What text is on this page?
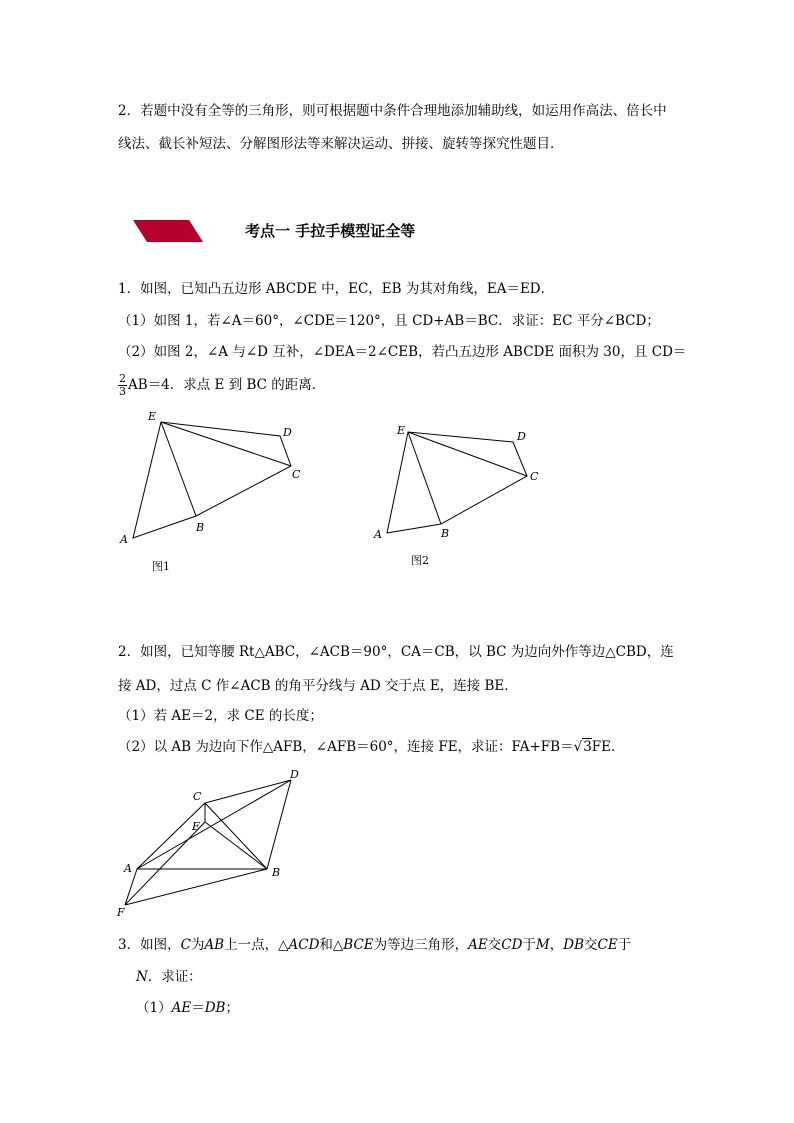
2．若题中没有全等的三角形，则可根据题中条件合理地添加辅助线，如运用作高法、倍长中
线法、截长补短法、分解图形法等来解决运动、拼接、旋转等探究性题目．
考点一 手拉手模型证全等
1．如图，已知凸五边形 ABCDE 中，EC，EB 为其对角线，EA＝ED．
（1）如图 1，若∠A＝60°，∠CDE＝120°，且 CD+AB＝BC．求证：EC 平分∠BCD；
（2）如图 2，∠A 与∠D 互补，∠DEA＝2∠CEB，若凸五边形 ABCDE 面积为 30，且 CD＝
$\frac{2}{3} AB=4$．求点 E 到 BC 的距离．
E
D
C
B
A
图1
E	D
C
B
A
图2
C
D
E
A	B
F
2．如图，已知等腰 Rt△ABC，∠ACB＝90°，CA＝CB，以 BC 为边向外作等边△CBD，连
接 AD，过点 C 作∠ACB 的角平分线与 AD 交于点 E，连接 BE．
（1）若 AE＝2，求 CE 的长度；
（2）以 AB 为边向下作△AFB，∠AFB＝60°，连接 FE，求证：FA+FB＝√3FE．
3．如图，C为AB上一点，△ACD和△BCE为等边三角形，AE交CD于M，DB交CE于
N．求证：
（1）AE＝DB；
